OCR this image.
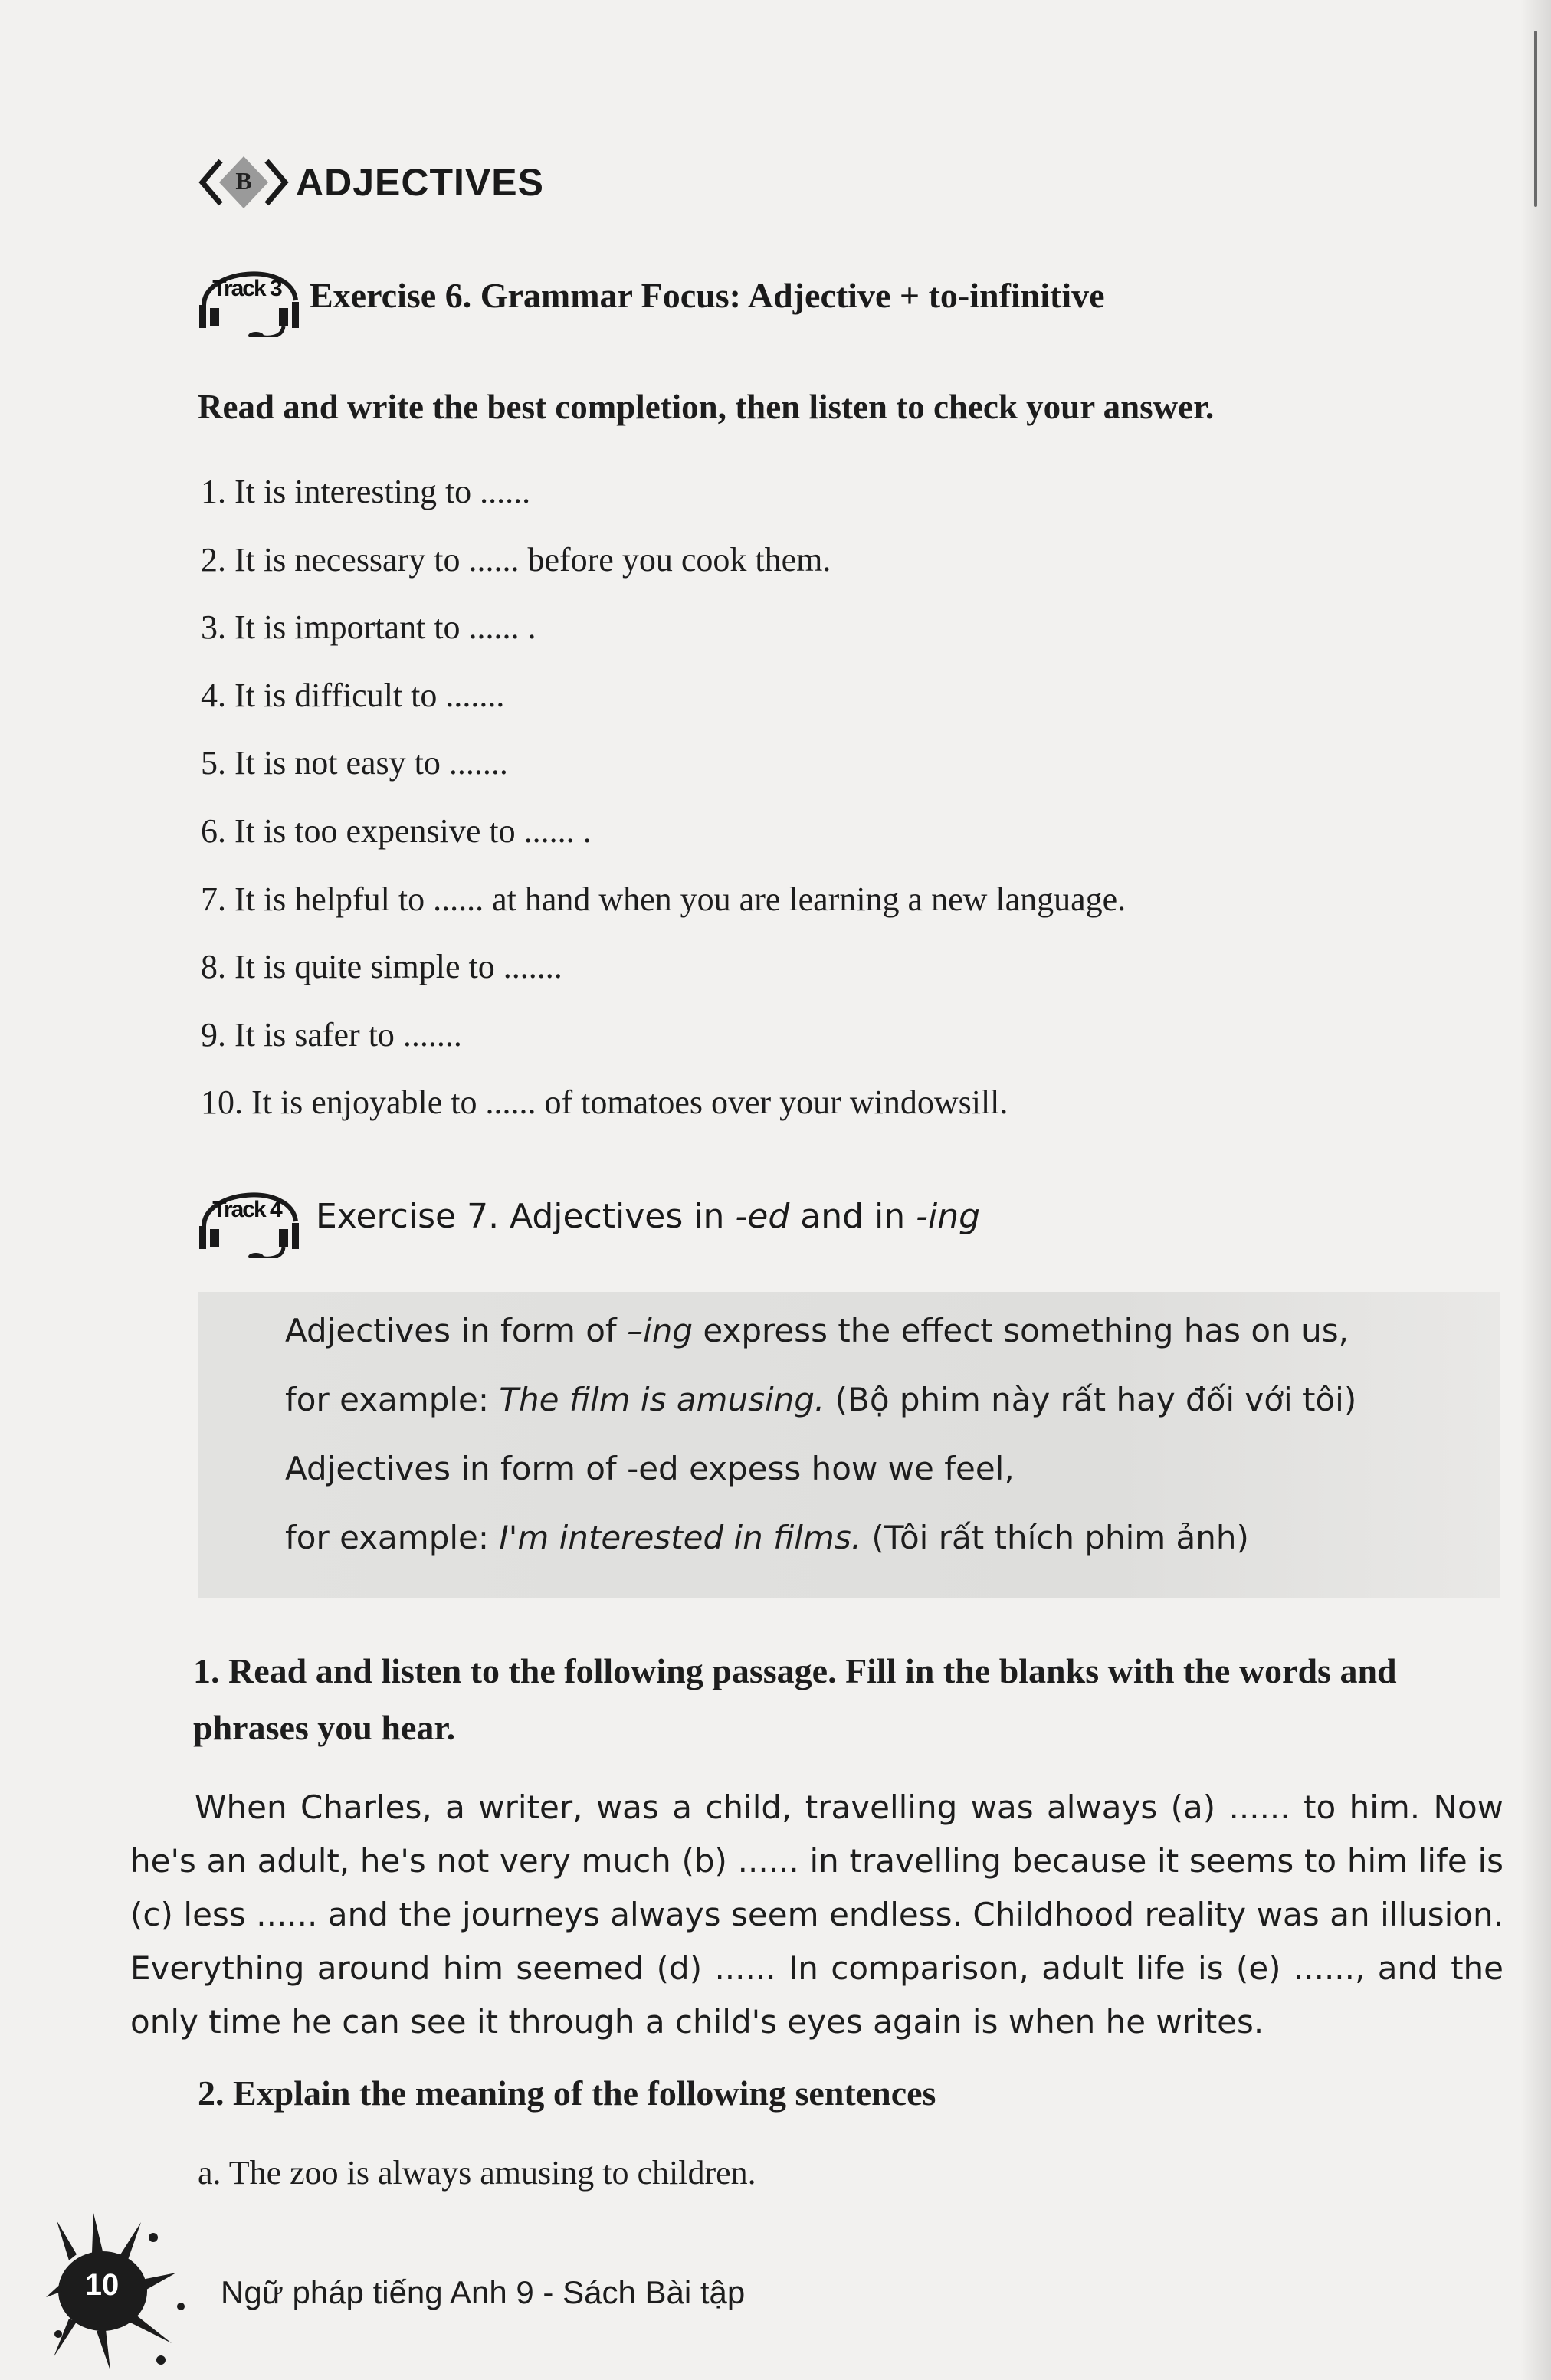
B	ADJECTIVES
Track 3 Exercise 6. Grammar Focus: Adjective + to-infinitive
Read and write the best completion, then listen to check your answer.
1. It is interesting to ......
2. It is necessary to ...... before you cook them.
3. It is important to ...... .
4. It is difficult to .......
5. It is not easy to .......
6. It is too expensive to ...... .
7. It is helpful to ...... at hand when you are learning a new language.
8. It is quite simple to .......
9. It is safer to .......
10. It is enjoyable to ...... of tomatoes over your windowsill.
Track 4 Exercise 7. Adjectives in -ed and in -ing
Adjectives in form of –ing express the effect something has on us,
for example: The film is amusing. (Bộ phim này rất hay đối với tôi)
Adjectives in form of -ed expess how we feel,
for example: I'm interested in films. (Tôi rất thích phim ảnh)
1. Read and listen to the following passage. Fill in the blanks with the words and phrases you hear.

When Charles, a writer, was a child, travelling was always (a) ...... to him. Now he's an adult, he's not very much (b) ...... in travelling because it seems to him life is (c) less ...... and the journeys always seem endless. Childhood reality was an illusion. Everything around him seemed (d) ...... In comparison, adult life is (e) ......, and the only time he can see it through a child's eyes again is when he writes.

2. Explain the meaning of the following sentences
a. The zoo is always amusing to children.
10	Ngữ pháp tiếng Anh 9 - Sách Bài tập
